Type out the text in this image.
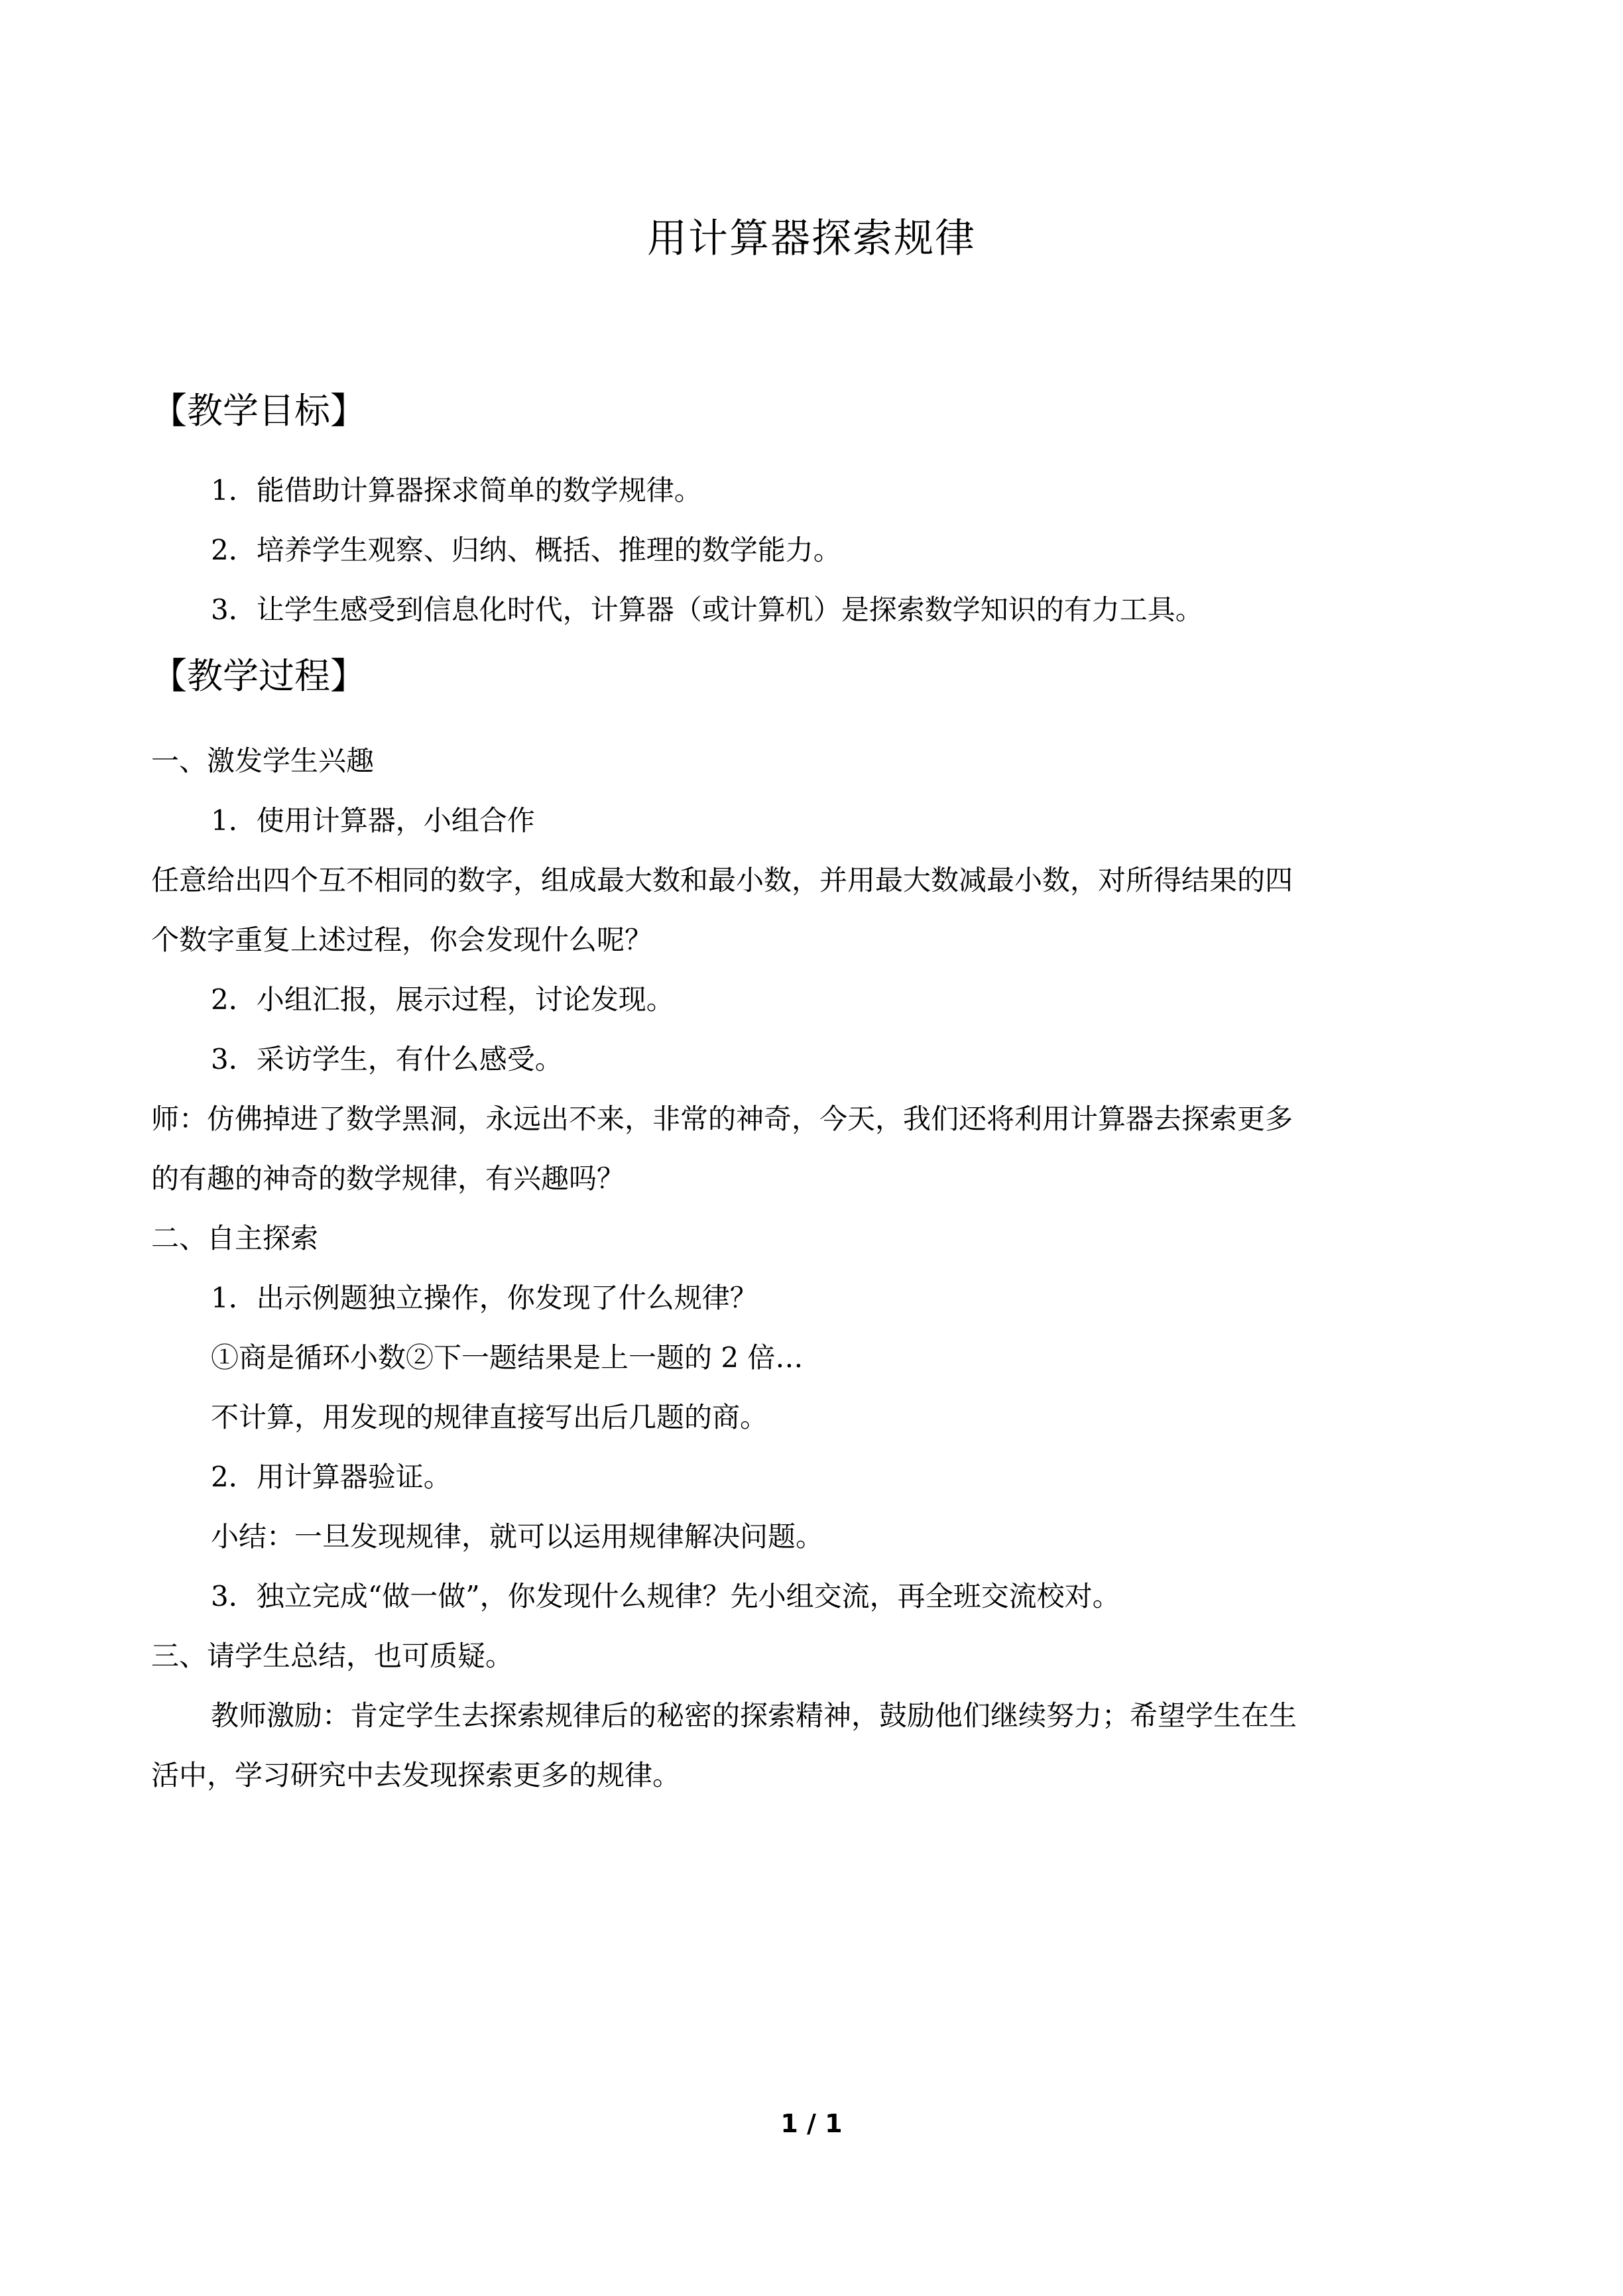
用计算器探索规律
【教学目标】
1．能借助计算器探求简单的数学规律。
2．培养学生观察、归纳、概括、推理的数学能力。
3．让学生感受到信息化时代，计算器（或计算机）是探索数学知识的有力工具。
【教学过程】
一、激发学生兴趣
1．使用计算器，小组合作
任意给出四个互不相同的数字，组成最大数和最小数，并用最大数减最小数，对所得结果的四
个数字重复上述过程，你会发现什么呢？
2．小组汇报，展示过程，讨论发现。
3．采访学生，有什么感受。
师：仿佛掉进了数学黑洞，永远出不来，非常的神奇，今天，我们还将利用计算器去探索更多
的有趣的神奇的数学规律，有兴趣吗？
二、自主探索
1．出示例题独立操作，你发现了什么规律？
①商是循环小数②下一题结果是上一题的 2 倍…
不计算，用发现的规律直接写出后几题的商。
2．用计算器验证。
小结：一旦发现规律，就可以运用规律解决问题。
3．独立完成“做一做”，你发现什么规律？先小组交流，再全班交流校对。
三、请学生总结，也可质疑。
教师激励：肯定学生去探索规律后的秘密的探索精神，鼓励他们继续努力；希望学生在生
活中，学习研究中去发现探索更多的规律。
1 / 1
